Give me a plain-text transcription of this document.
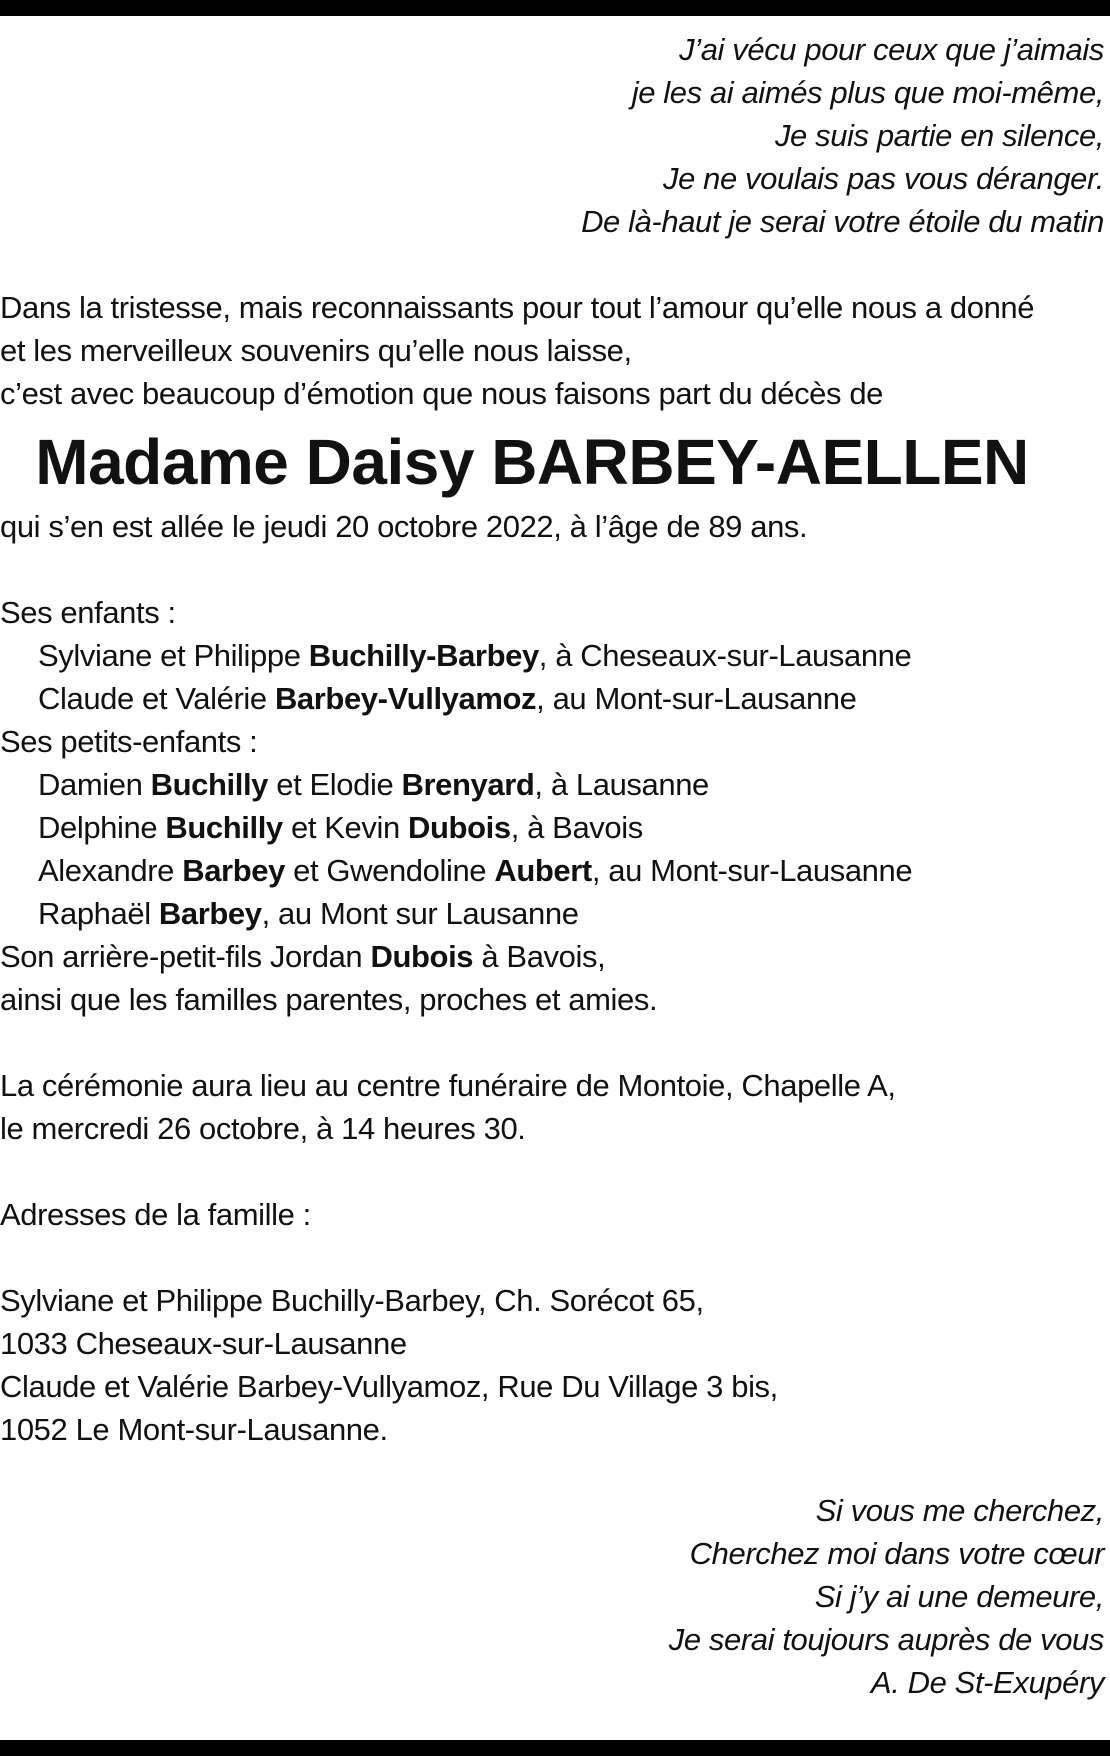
J’ai vécu pour ceux que j’aimais
je les ai aimés plus que moi-même,
Je suis partie en silence,
Je ne voulais pas vous déranger.
De là-haut je serai votre étoile du matin
Dans la tristesse, mais reconnaissants pour tout l’amour qu’elle nous a donné
et les merveilleux souvenirs qu’elle nous laisse,
c’est avec beaucoup d’émotion que nous faisons part du décès de
Madame Daisy BARBEY-AELLEN
qui s’en est allée le jeudi 20 octobre 2022, à l’âge de 89 ans.
Ses enfants :
Sylviane et Philippe Buchilly-Barbey, à Cheseaux-sur-Lausanne
Claude et Valérie Barbey-Vullyamoz, au Mont-sur-Lausanne
Ses petits-enfants :
Damien Buchilly et Elodie Brenyard, à Lausanne
Delphine Buchilly et Kevin Dubois, à Bavois
Alexandre Barbey et Gwendoline Aubert, au Mont-sur-Lausanne
Raphaël Barbey, au Mont sur Lausanne
Son arrière-petit-fils Jordan Dubois à Bavois,
ainsi que les familles parentes, proches et amies.
La cérémonie aura lieu au centre funéraire de Montoie, Chapelle A,
le mercredi 26 octobre, à 14 heures 30.
Adresses de la famille :
Sylviane et Philippe Buchilly-Barbey, Ch. Sorécot 65,
1033 Cheseaux-sur-Lausanne
Claude et Valérie Barbey-Vullyamoz, Rue Du Village 3 bis,
1052 Le Mont-sur-Lausanne.
Si vous me cherchez,
Cherchez moi dans votre cœur
Si j’y ai une demeure,
Je serai toujours auprès de vous
A. De St-Exupéry
